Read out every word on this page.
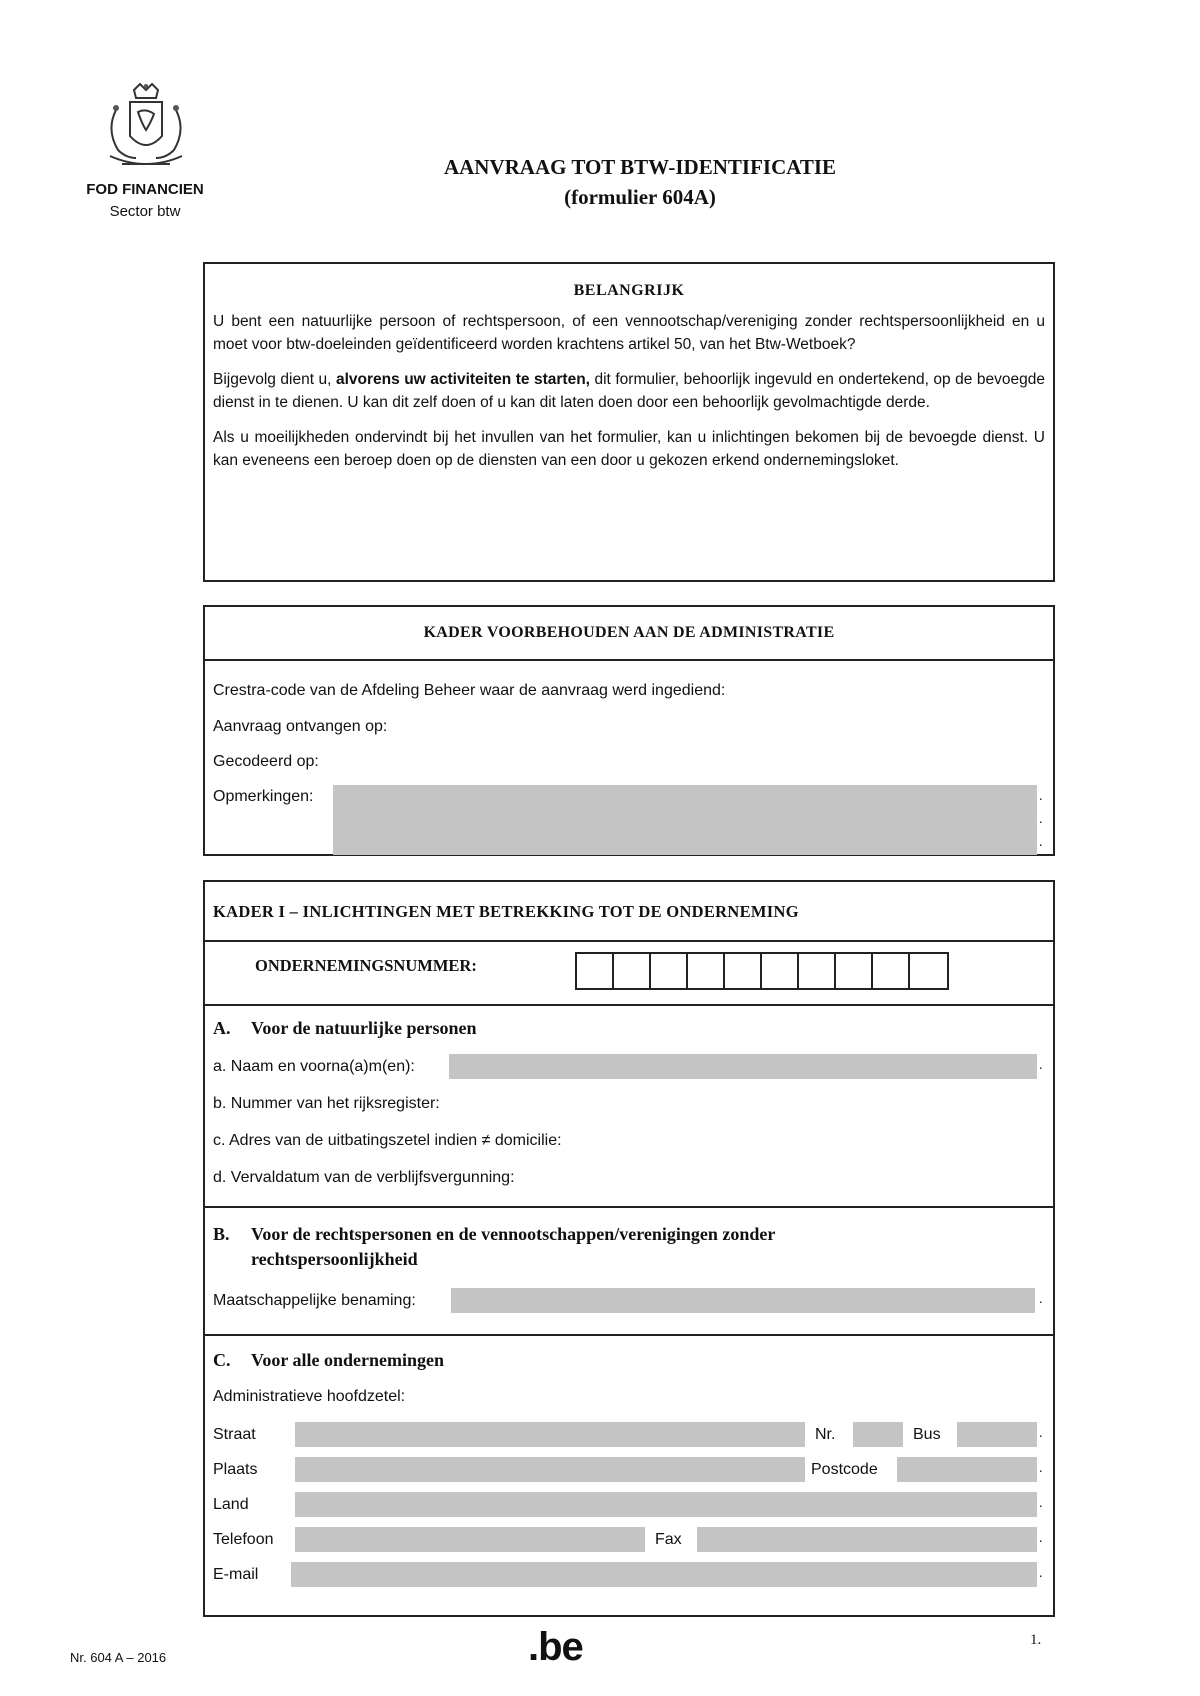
FOD FINANCIEN
Sector btw
AANVRAAG TOT BTW-IDENTIFICATIE
(formulier 604A)
BELANGRIJK

U bent een natuurlijke persoon of rechtspersoon, of een vennootschap/vereniging zonder rechtspersoonlijkheid en u moet voor btw-doeleinden geïdentificeerd worden krachtens artikel 50, van het Btw-Wetboek?

Bijgevolg dient u, alvorens uw activiteiten te starten, dit formulier, behoorlijk ingevuld en ondertekend, op de bevoegde dienst in te dienen. U kan dit zelf doen of u kan dit laten doen door een behoorlijk gevolmachtigde derde.

Als u moeilijkheden ondervindt bij het invullen van het formulier, kan u inlichtingen bekomen bij de bevoegde dienst. U kan eveneens een beroep doen op de diensten van een door u gekozen erkend ondernemingsloket.

KADER VOORBEHOUDEN AAN DE ADMINISTRATIE
Crestra-code van de Afdeling Beheer waar de aanvraag werd ingediend:
Aanvraag ontvangen op:
Gecodeerd op:
Opmerkingen:	.
.
.
KADER I – INLICHTINGEN MET BETREKKING TOT DE ONDERNEMING
ONDERNEMINGSNUMMER:
A. Voor de natuurlijke personen
a. Naam en voorna(a)m(en):	.
b. Nummer van het rijksregister:
c. Adres van de uitbatingszetel indien ≠ domicilie:
d. Vervaldatum van de verblijfsvergunning:
B. Voor de rechtspersonen en de vennootschappen/verenigingen zonder
rechtspersoonlijkheid
Maatschappelijke benaming:	.
C. Voor alle ondernemingen
Administratieve hoofdzetel:
Straat	Nr.	Bus	.
Plaats	Postcode	.
Land	.
Telefoon	Fax	.
E-mail	.
Nr. 604 A – 2016	.be	1.
